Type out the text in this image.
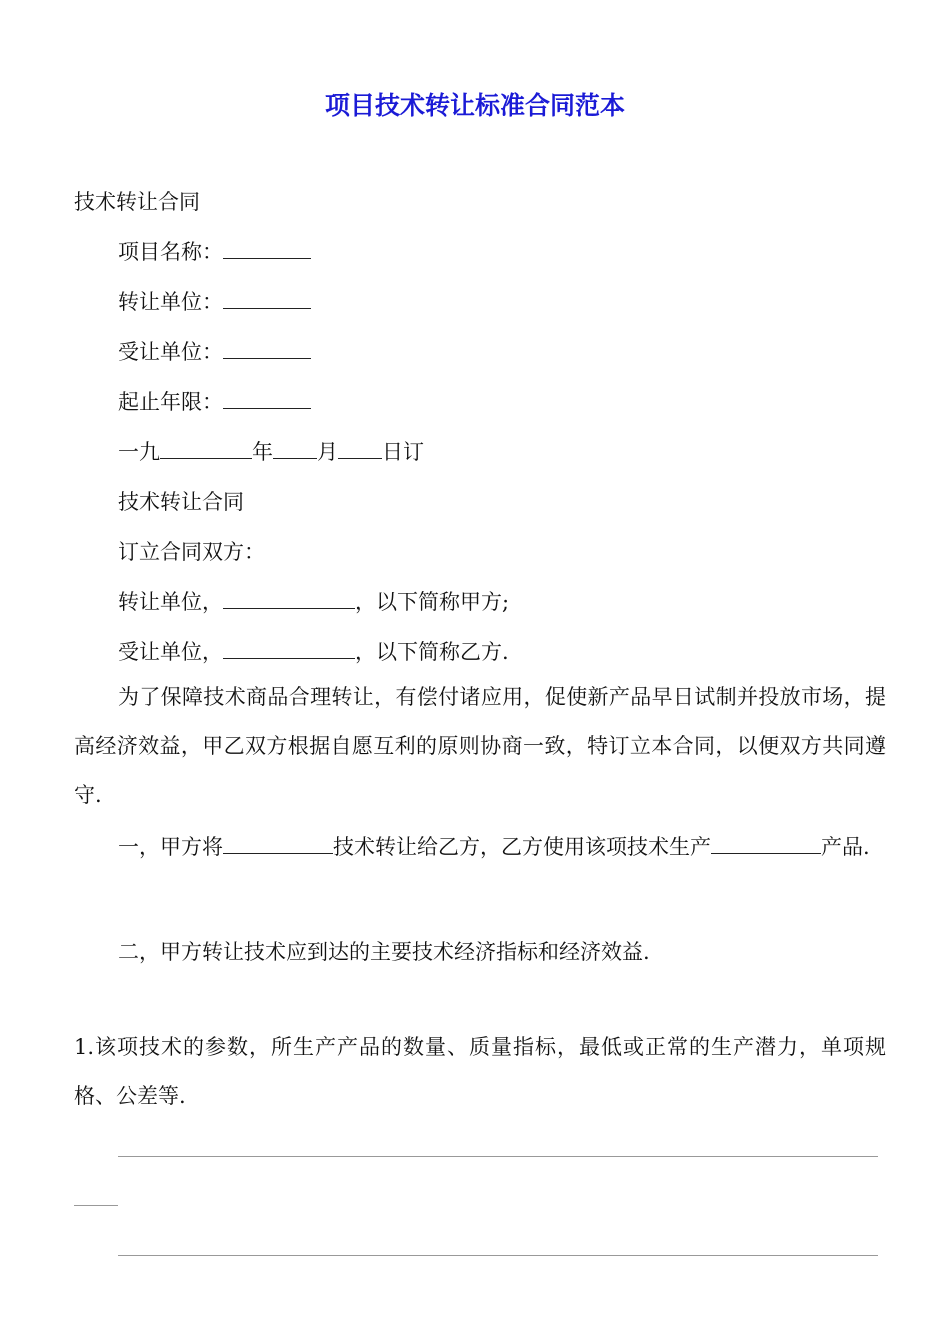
项目技术转让标准合同范本
技术转让合同
项目名称：
转让单位：
受让单位：
起止年限：
一九	年 月 日订
技术转让合同
订立合同双方：
转让单位，	，以下简称甲方;
受让单位，	，以下简称乙方.
为了保障技术商品合理转让，有偿付诸应用，促使新产品早日试制并投放市场，提高经济效益，甲乙双方根据自愿互利的原则协商一致，特订立本合同，以便双方共同遵守.
一，甲方将	技术转让给乙方，乙方使用该项技术生产	产品.
二，甲方转让技术应到达的主要技术经济指标和经济效益.
1.该项技术的参数，所生产产品的数量、质量指标，最低或正常的生产潜力，单项规格、公差等.
